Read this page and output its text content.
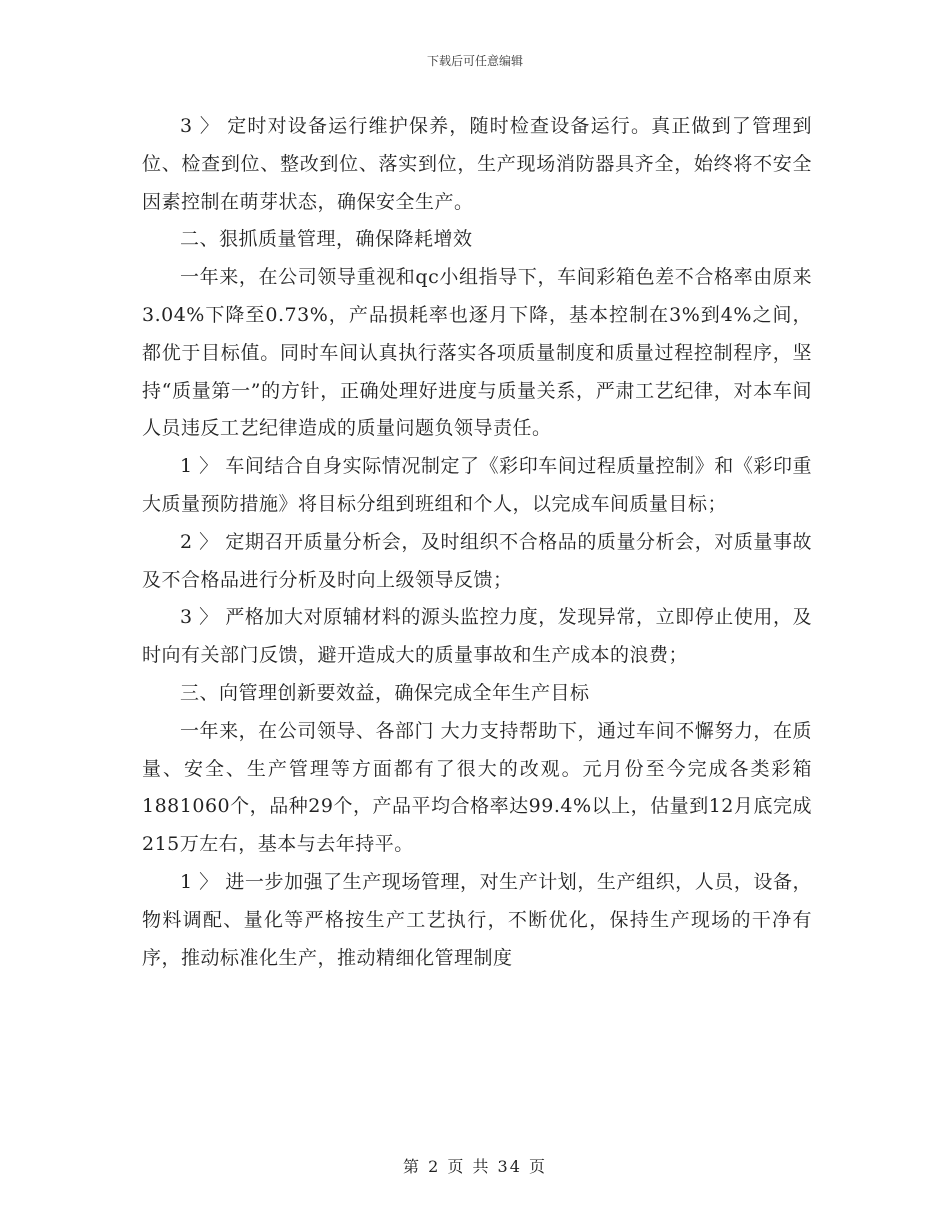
下载后可任意编辑

3 〉 定时对设备运行维护保养，随时检查设备运行。真正做到了管理到位、检查到位、整改到位、落实到位，生产现场消防器具齐全，始终将不安全因素控制在萌芽状态，确保安全生产。

二、狠抓质量管理，确保降耗增效

一年来，在公司领导重视和qc小组指导下，车间彩箱色差不合格率由原来3.04%下降至0.73%，产品损耗率也逐月下降，基本控制在3%到4%之间，都优于目标值。同时车间认真执行落实各项质量制度和质量过程控制程序，坚持“质量第一”的方针，正确处理好进度与质量关系，严肃工艺纪律，对本车间人员违反工艺纪律造成的质量问题负领导责任。

1 〉 车间结合自身实际情况制定了《彩印车间过程质量控制》和《彩印重大质量预防措施》将目标分组到班组和个人，以完成车间质量目标；

2 〉 定期召开质量分析会，及时组织不合格品的质量分析会，对质量事故及不合格品进行分析及时向上级领导反馈；

3 〉 严格加大对原辅材料的源头监控力度，发现异常，立即停止使用，及时向有关部门反馈，避开造成大的质量事故和生产成本的浪费；

三、向管理创新要效益，确保完成全年生产目标

一年来，在公司领导、各部门 大力支持帮助下，通过车间不懈努力，在质量、安全、生产管理等方面都有了很大的改观。元月份至今完成各类彩箱1881060个，品种29个，产品平均合格率达99.4%以上，估量到12月底完成215万左右，基本与去年持平。

1 〉 进一步加强了生产现场管理，对生产计划，生产组织，人员，设备，物料调配、量化等严格按生产工艺执行，不断优化，保持生产现场的干净有序，推动标准化生产，推动精细化管理制度

第 2 页 共 34 页
